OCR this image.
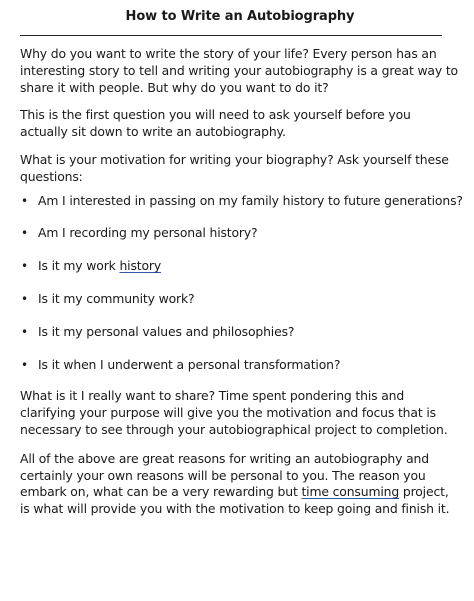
How to Write an Autobiography

Why do you want to write the story of your life? Every person has an interesting story to tell and writing your autobiography is a great way to share it with people. But why do you want to do it?

This is the first question you will need to ask yourself before you actually sit down to write an autobiography.

What is your motivation for writing your biography? Ask yourself these questions:

• Am I interested in passing on my family history to future generations?
• Am I recording my personal history?
• Is it my work history
• Is it my community work?
• Is it my personal values and philosophies?
• Is it when I underwent a personal transformation?

What is it I really want to share? Time spent pondering this and clarifying your purpose will give you the motivation and focus that is necessary to see through your autobiographical project to completion.

All of the above are great reasons for writing an autobiography and certainly your own reasons will be personal to you. The reason you embark on, what can be a very rewarding but time consuming project, is what will provide you with the motivation to keep going and finish it.
